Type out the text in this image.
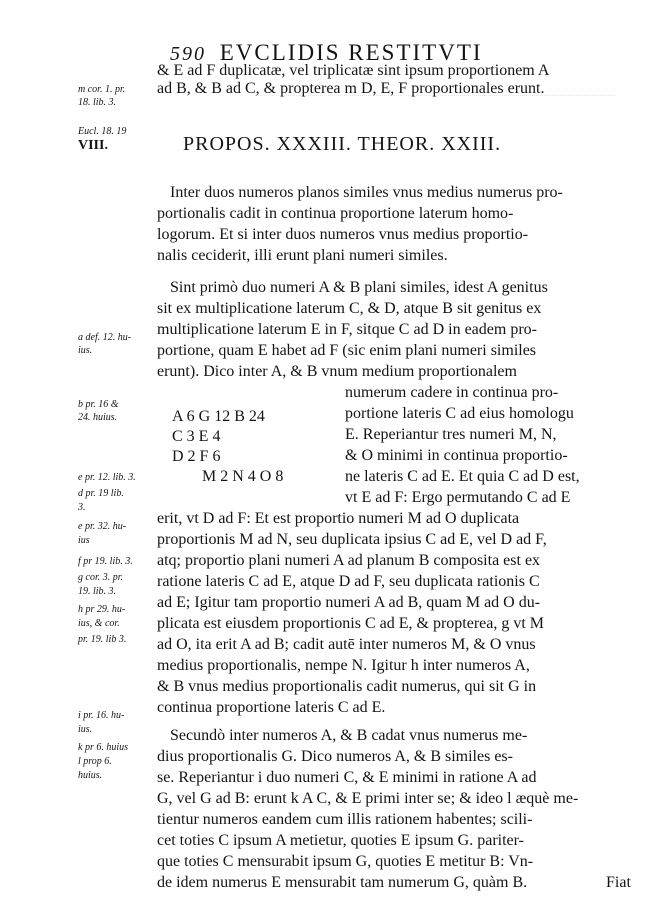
590 EVCLIDIS RESTITVTI
& E ad F duplicatæ, vel triplicatæ sint ipsum proportionem A
ad B, & B ad C, & propterea m D, E, F proportionales erunt.
PROPOS. XXXIII. THEOR. XXIII.
Inter duos numeros planos similes vnus medius numerus pro-
portionalis cadit in continua proportione laterum homo-
logorum. Et si inter duos numeros vnus medius proportio-
nalis ceciderit, illi erunt plani numeri similes.
Sint primò duo numeri A & B plani similes, idest A genitus
sit ex multiplicatione laterum C, & D, atque B sit genitus ex
multiplicatione laterum E in F, sitque C ad D in eadem pro-
portione, quam E habet ad F (sic enim plani numeri similes
erunt). Dico inter A, & B vnum medium proportionalem
numerum cadere in continua pro-
portione lateris C ad eius homologu
E. Reperiantur tres numeri M, N,
& O minimi in continua proportio-
ne lateris C ad E. Et quia C ad D est,
vt E ad F: Ergo permutando C ad E
A 6 G 12 B 24
C 3 E 4
D 2 F 6
M 2 N 4 O 8
erit, vt D ad F: Et est proportio numeri M ad O duplicata
proportionis M ad N, seu duplicata ipsius C ad E, vel D ad F,
atq; proportio plani numeri A ad planum B composita est ex
ratione lateris C ad E, atque D ad F, seu duplicata rationis C
ad E; Igitur tam proportio numeri A ad B, quam M ad O du-
plicata est eiusdem proportionis C ad E, & propterea, g vt M
ad O, ita erit A ad B; cadit autē inter numeros M, & O vnus
medius proportionalis, nempe N. Igitur h inter numeros A,
& B vnus medius proportionalis cadit numerus, qui sit G in
continua proportione lateris C ad E.
Secundò inter numeros A, & B cadat vnus numerus me-
dius proportionalis G. Dico numeros A, & B similes es-
se. Reperiantur i duo numeri C, & E minimi in ratione A ad
G, vel G ad B: erunt k A C, & E primi inter se; & ideo l æquè me-
tientur numeros eandem cum illis rationem habentes; scili-
cet toties C ipsum A metietur, quoties E ipsum G. pariter-
que toties C mensurabit ipsum G, quoties E metitur B: Vn-
de idem numerus E mensurabit tam numerum G, quàm B.	Fiat
m cor. 1. pr.
18. lib. 3.
Eucl. 18. 19
VIII.
a def. 12. hu-
ius.
b pr. 16 &
24. huius.
e pr. 12. lib. 3.
d pr. 19 lib.
3.
e pr. 32. hu-
ius
f pr 19. lib. 3.
g cor. 3. pr.
19. lib. 3.
h pr 29. hu-
ius, & cor.
pr. 19. lib 3.
i pr. 16. hu-
ius.
k pr 6. huius
l prop 6.
huius.
